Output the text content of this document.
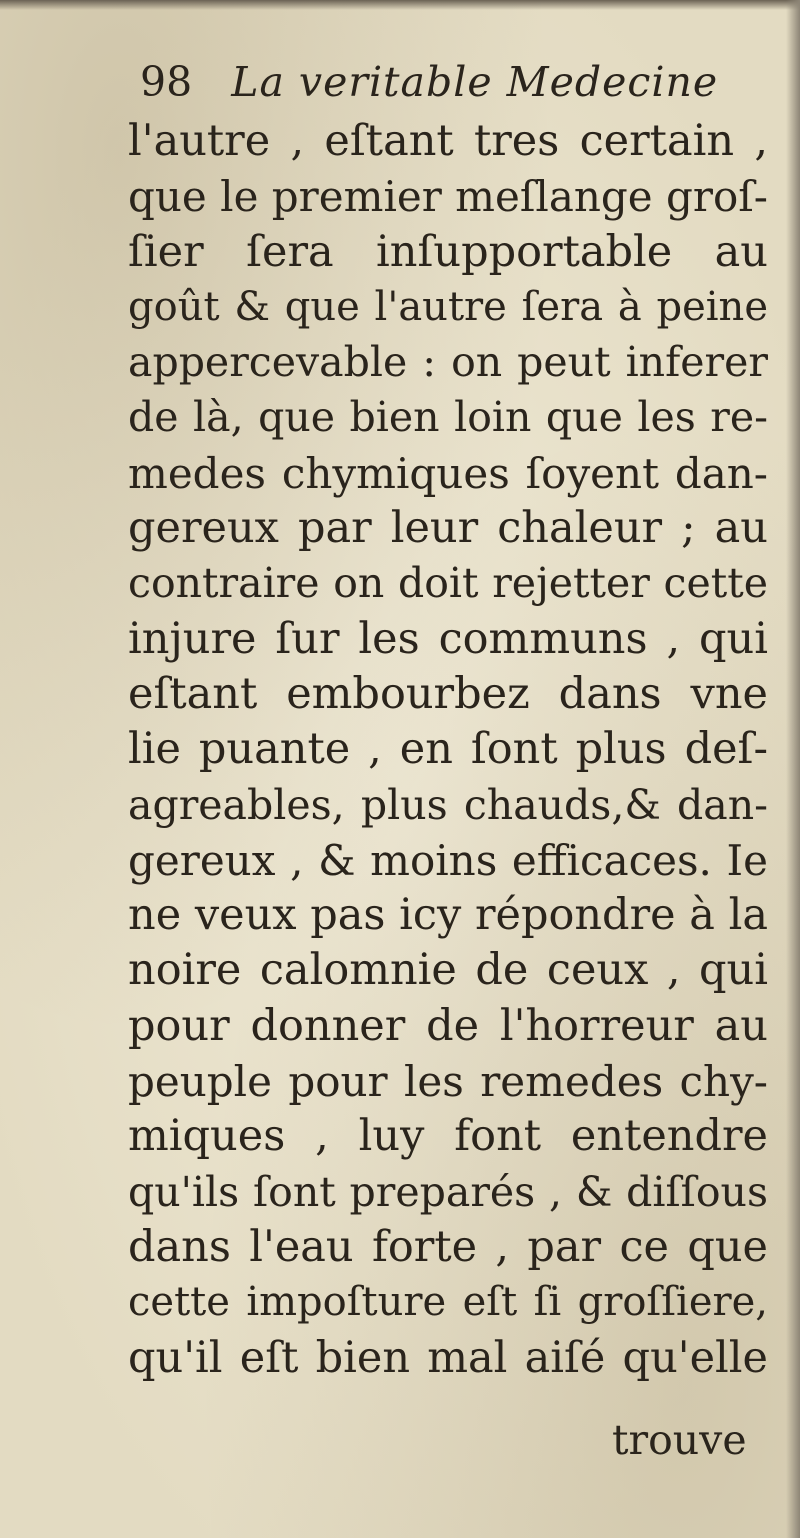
98 La veritable Medecine
l'autre , eſtant tres certain ,
que le premier meſlange groſ-
ſier ſera inſupportable au
goût & que l'autre ſera à peine
appercevable : on peut inferer
de là, que bien loin que les re-
medes chymiques ſoyent dan-
gereux par leur chaleur ; au
contraire on doit rejetter cette
injure ſur les communs , qui
eſtant embourbez dans vne
lie puante , en ſont plus deſ-
agreables, plus chauds,& dan-
gereux , & moins efficaces. Ie
ne veux pas icy répondre à la
noire calomnie de ceux , qui
pour donner de l'horreur au
peuple pour les remedes chy-
miques , luy font entendre
qu'ils ſont preparés , & diſſous
dans l'eau forte , par ce que
cette impoſture eſt ſi groſſiere,
qu'il eſt bien mal aiſé qu'elle
trouve
